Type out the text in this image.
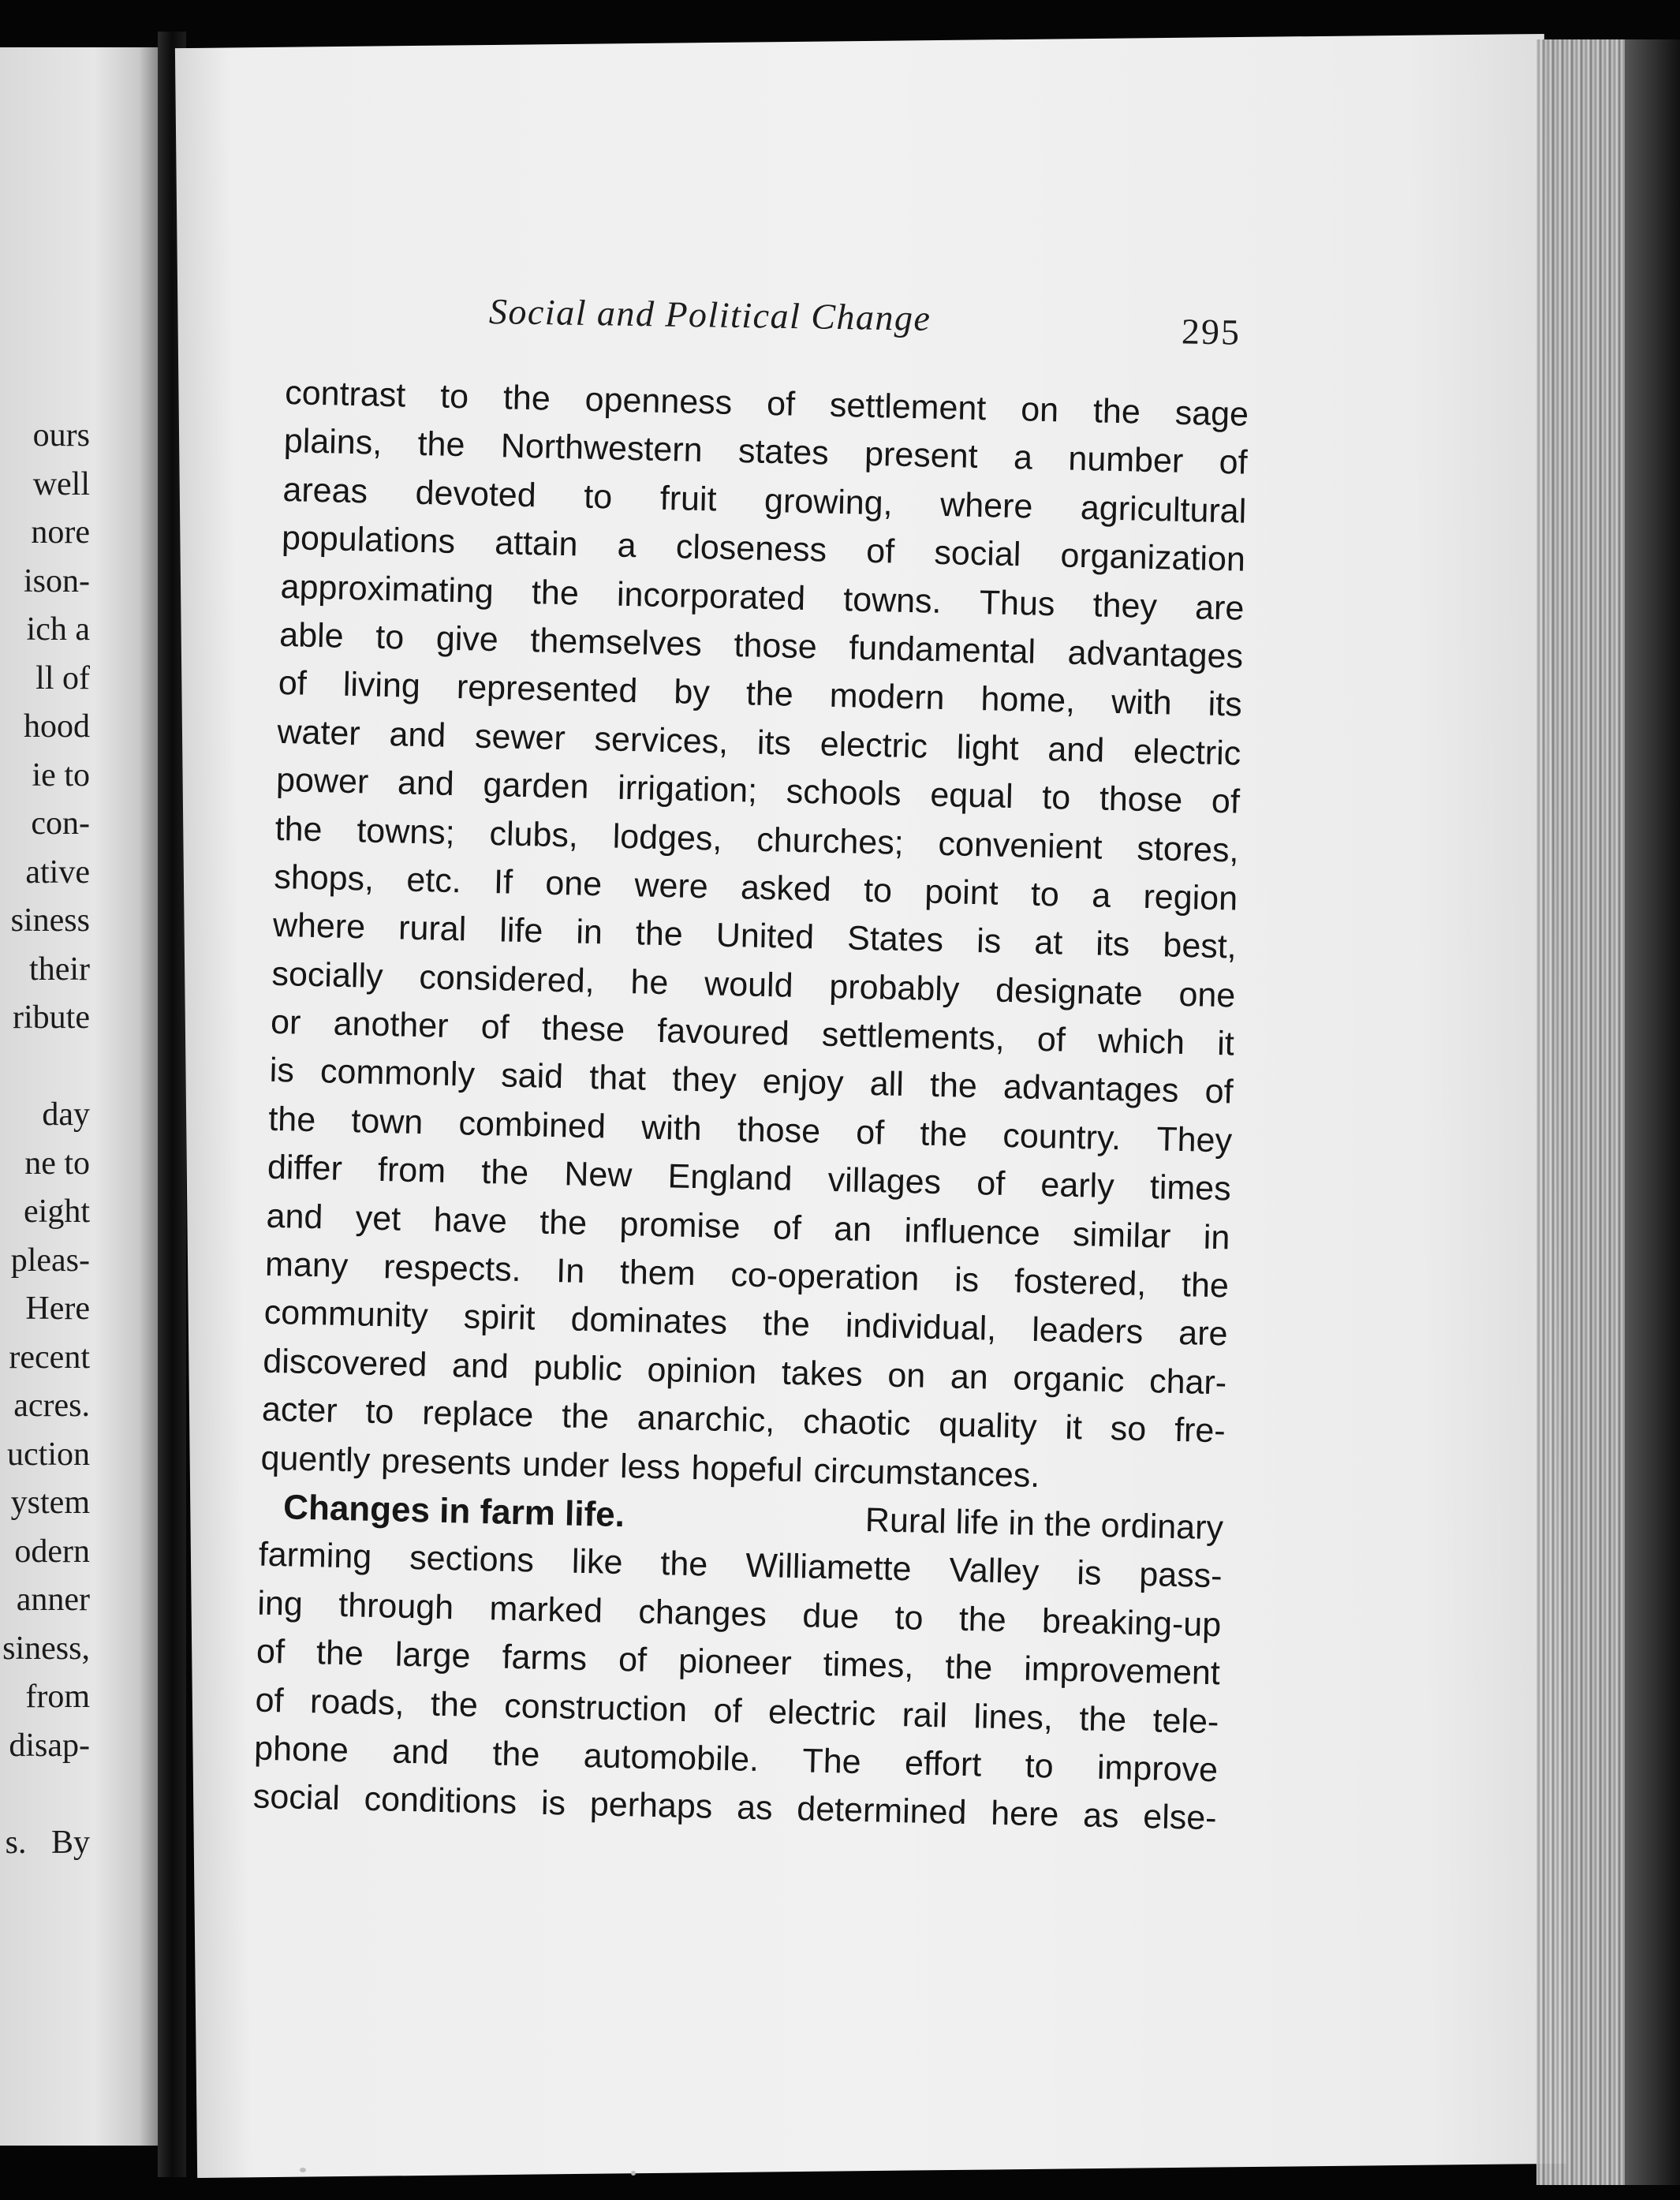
ours
well
nore
ison-
ich a
ll of
hood
ie to
con-
ative
siness
their
ribute
day
ne to
eight
pleas-
Here
recent
acres.
uction
ystem
odern
anner
siness,
from
disap-
s.   By
Social and Political Change	295
contrast to the openness of settlement on the sage
plains, the Northwestern states present a number of
areas devoted to fruit growing, where agricultural
populations attain a closeness of social organization
approximating the incorporated towns. Thus they are
able to give themselves those fundamental advantages
of living represented by the modern home, with its
water and sewer services, its electric light and electric
power and garden irrigation; schools equal to those of
the towns; clubs, lodges, churches; convenient stores,
shops, etc. If one were asked to point to a region
where rural life in the United States is at its best,
socially considered, he would probably designate one
or another of these favoured settlements, of which it
is commonly said that they enjoy all the advantages of
the town combined with those of the country. They
differ from the New England villages of early times
and yet have the promise of an influence similar in
many respects. In them co-operation is fostered, the
community spirit dominates the individual, leaders are
discovered and public opinion takes on an organic char-
acter to replace the anarchic, chaotic quality it so fre-
quently presents under less hopeful circumstances.
Changes in farm life.	Rural life in the ordinary
farming sections like the Williamette Valley is pass-
ing through marked changes due to the breaking-up
of the large farms of pioneer times, the improvement
of roads, the construction of electric rail lines, the tele-
phone and the automobile. The effort to improve
social conditions is perhaps as determined here as else-
